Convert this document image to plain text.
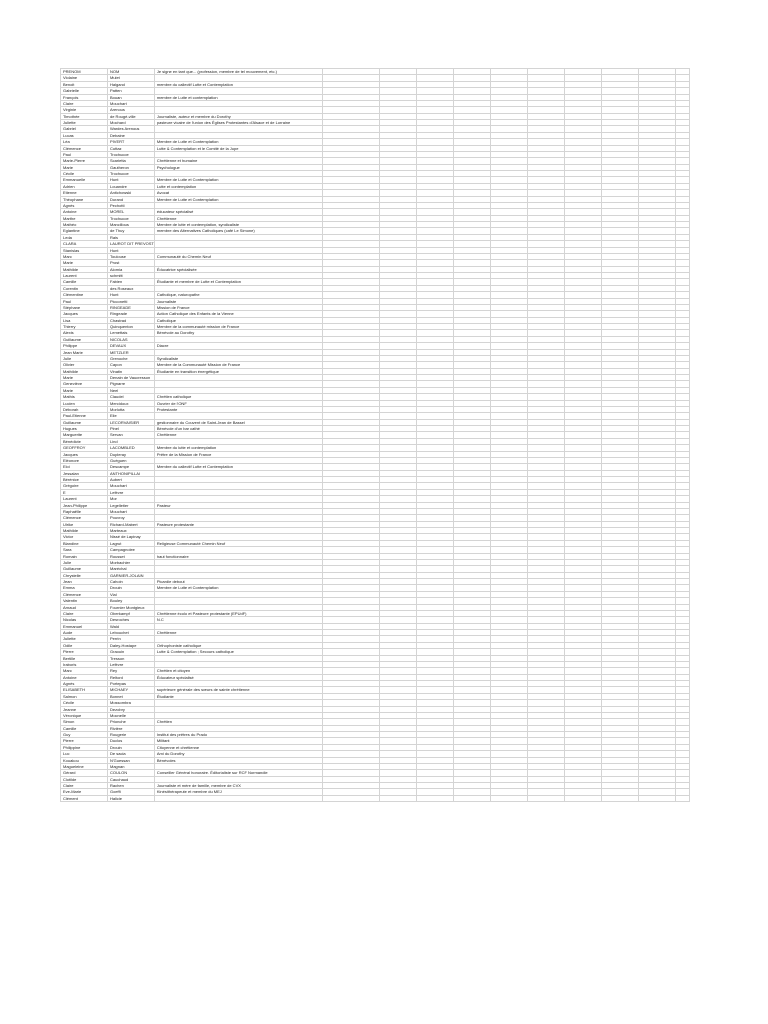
PRENOM	NOM	Je signe en tant que... (profession, membre de tel mouvement, etc.)										
Violaine	Mulet											
Benoit	Halgand	membre du callectif Lutte et Contemplation										
Gabrielle	Patten											
François	Bouan	membre de Lutte et contemplation										
Claire	Mouchart											
Virginie	Arenous											
Timothée	de Rougé-ville	Journaliste, auteur et membre du Dorothy										
Juliette	Mochard	pasteure vicaire de l'union des Églises Protestantes d'Alsace et de Lorraine										
Gabriel	Wardes Arenous											
Lucas	Debaine											
Léa	PIVERT	Membre de Lutte et Contemplation										
Clémence	Cuttaz	Lutte & Contemplation et le Comité de la Jupe										
Paul	Trochucoe											
Marie-Pierre	Scarietta	Chrétienne et humaine										
Marie	Gautheron	Psychologue										
Cécile	Trochucoe											
Emmanuelle	Hunt	Membre de Lutte et Contemplation										
Adrien	Louandre	Lutte et contemplation										
Etienne	Antichowski	Avocat										
Théophane	Durand	Membre de Lutte et Contemplation										
Agnès	Pechotti											
Antoine	MOREL	éducateur spécialisé										
Marthe	Trochucoe	Chrétienne										
Mathéo	Mancillous	Membre de lutte et contemplation, syndicaliste										
Eglantine	de Thuy	membre des Alternatives Catholiques (café Le Simone)										
Leda	Rais											
CLARA	LAUROT DIT PREVOST											
Stanislas	Hunt											
Marc	Toulouse	Communauté du Chemin Neuf										
Marie	Prost											
Mathilde	Alomia	Éducatrice spécialisée										
Laurent	schmitt											
Camille	Fabien	Étudiante et membre de Lutte et Contemplation										
Corentin	des Roseaux											
Clémentine	Hunt	Catholique, naturopathe										
Paul	Picconetti	Journaliste										
Stéphane	RINGEADE	Mission de France										
Jacques	Ringeade	Action Catholique des Enfants de la Vienne										
Lisa	Chastrad	Catholique										
Thierry	Quinquenton	Membre de la communauté mission de France										
Alexis	Lemettais	Bénévole au Dorothy										
Guillaume	NICOLAS											
Philippe	DEVAUX	Diacre										
Jean Marie	METZLER											
Julie	Grenoche	Syndicaliste										
Olivier	Capon	Membre de la Communauté Mission de France										
Mathilde	Vinatin	Étudiante en transition énergétique										
Marie	Denain de Vaucresson											
Geneviève	Pignarre											
Marie	Neel											
Mathis	Claudel	Chrétien catholique										
Lucien	Mercidoux	Ouvrier de l'ONF										
Déborah	Morlotta	Protestante										
Paul-Etienne	Elie											
Guillaume	LECORVAISIER	gestionnaire du Couvent de Saint-Jean de Bassel										
Hugues	Pinel	Bénévole d'un bar cathé										
Marguerite	Servan	Chrétienne										
Bénédicte	Lind											
GEOFFROY	LACOMBLED	Membre du lutte et contemplation										
Jacques	Dupleray	Prêtre de la Mission de France										
Eléonore	Guéguen											
Eloi	Descampe	Membre du callectif Lutte et Contemplation										
Jessalan	ANTHONIPILLAI											
Bérénice	Aubert											
Grégoire	Mouchart											
E	Lefèvre											
Laurent	Mor											
Jean-Philippe	Legelletier	Pasteur										
Raphaëlle	Mouchart											
Clémence	Pouvroy											
Ulrike	Richard-Mabert	Pasteure protestante										
Mathilde	Marteaux											
Victor	Nissé de Lapinay											
Blandine	Lagrut	Religieuse Communauté Chemin Neuf										
Sara	Campagnolee											
Romain	Rousset	haut fonctionnaire										
Julie	Morbachier											
Guillaume	Maréchal											
Chrystelle	GARNIER-JOLAIN											
Jean	Cahoin	Picardie debout										
Emma	Drouin	Membre de Lutte et Contemplation										
Clémence	Vial											
Valentin	Bouley											
Arnaud	Fournier Montgieux											
Claire	Oberkampf	Chrétienne écolo et Pasteure protestante (EPUdF)										
Nicolas	Desroches	N.C										
Emmanuel	Wald											
Aude	Lebouchet	Chrétienne										
Juliette	Perrin											
Odile	Daley-Hostape	Orthophoniste catholique										
Pierre	Graouin	Lutte & Contemplation ; Secours catholique										
Bertille	Tresson											
Iraboris	Lefèvre											
Marc	Rey	Chrétien et citoyen										
Antoine	Reltord	Éducateur spécialisé										
Agnès	Portepas											
ELISABETH	MICHAEY	supérieure générale des sœurs de sainte chrétienne										
Salmon	Bonnet	Étudiante										
Cécile	Mossombra											
Jeanne	Dezobry											
Véronique	Mocnelle											
Simon	Prionche	Chrétien										
Camille	Rivière											
Guy	Rougerie	Institut des prêtres du Prado										
Pierre	Duclos	Militant										
Philippine	Drouin	Citoyenne et chrétienne										
Luc	De sacia	Ami du Dorothy										
Kouakou	N'Guessan	Bénévoles										
Magueleine	Magnan											
Gérard	COULON	Conseiller Général honoraire. Éditorialiste sur RCF Normandie										
Clotilde	Cauchaud											
Claire	Rachen	Journaliste et mère de famille, membre de CVX										
Eve-Marie	Goeffi	Kinésithérapeute et membre du MEJ										
Clément	Halicie											
